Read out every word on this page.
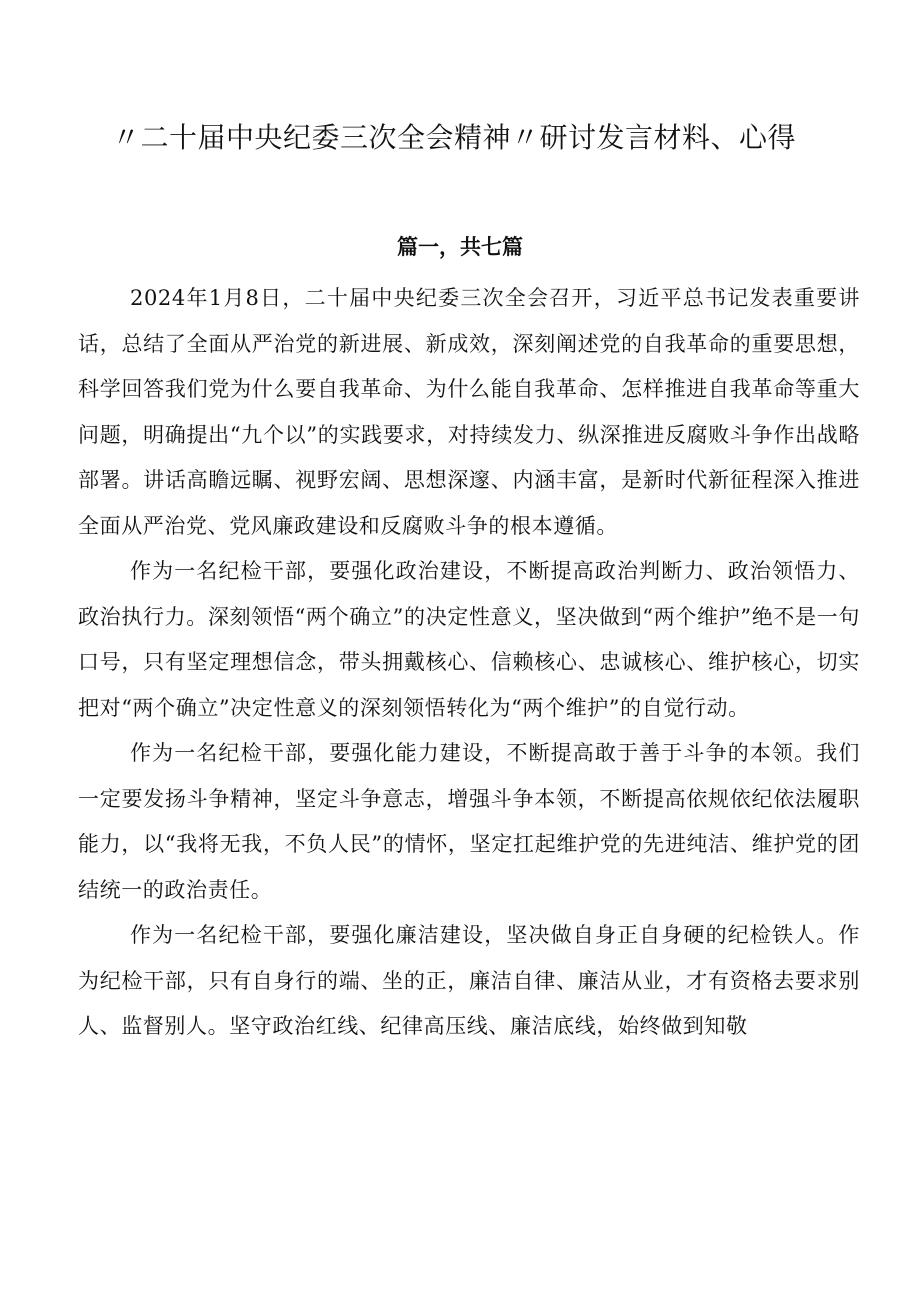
〃二十届中央纪委三次全会精神〃研讨发言材料、心得
篇一，共七篇

2024年1月8日，二十届中央纪委三次全会召开，习近平总书记发表重要讲话，总结了全面从严治党的新进展、新成效，深刻阐述党的自我革命的重要思想，科学回答我们党为什么要自我革命、为什么能自我革命、怎样推进自我革命等重大问题，明确提出“九个以”的实践要求，对持续发力、纵深推进反腐败斗争作出战略部署。讲话高瞻远瞩、视野宏阔、思想深邃、内涵丰富，是新时代新征程深入推进全面从严治党、党风廉政建设和反腐败斗争的根本遵循。

作为一名纪检干部，要强化政治建设，不断提高政治判断力、政治领悟力、政治执行力。深刻领悟“两个确立”的决定性意义，坚决做到“两个维护”绝不是一句口号，只有坚定理想信念，带头拥戴核心、信赖核心、忠诚核心、维护核心，切实把对“两个确立”决定性意义的深刻领悟转化为“两个维护”的自觉行动。

作为一名纪检干部，要强化能力建设，不断提高敢于善于斗争的本领。我们一定要发扬斗争精神，坚定斗争意志，增强斗争本领，不断提高依规依纪依法履职能力，以“我将无我，不负人民”的情怀，坚定扛起维护党的先进纯洁、维护党的团结统一的政治责任。

作为一名纪检干部，要强化廉洁建设，坚决做自身正自身硬的纪检铁人。作为纪检干部，只有自身行的端、坐的正，廉洁自律、廉洁从业，才有资格去要求别人、监督别人。坚守政治红线、纪律高压线、廉洁底线，始终做到知敬
